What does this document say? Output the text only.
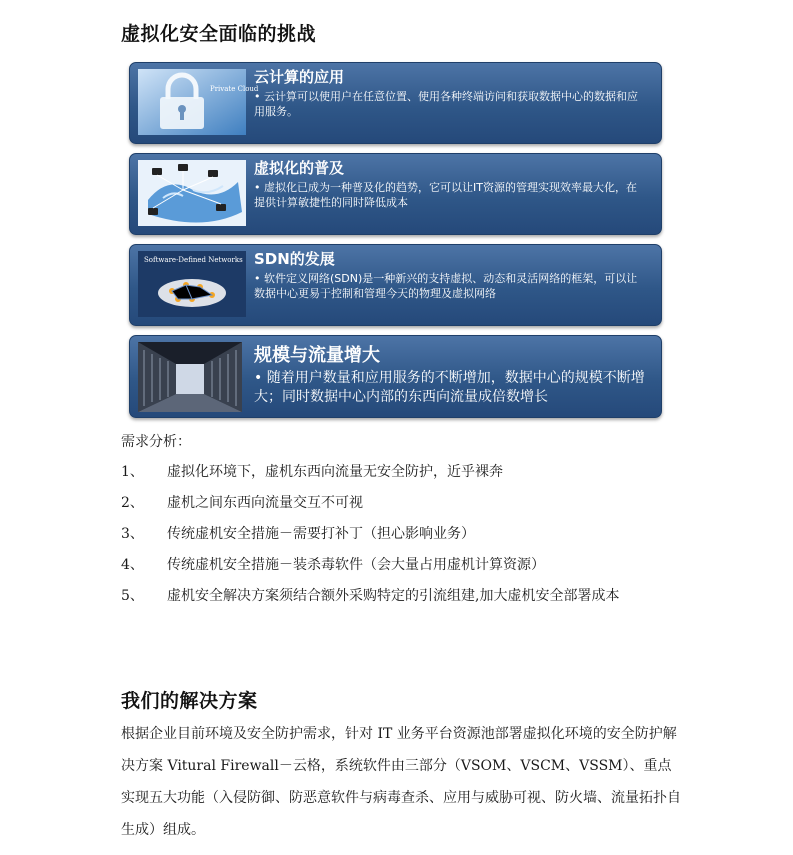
虚拟化安全面临的挑战
Private Cloud
云计算的应用
• 云计算可以使用户在任意位置、使用各种终端访问和获取数据中心的数据和应用服务。
虚拟化的普及
• 虚拟化已成为一种普及化的趋势，它可以让IT资源的管理实现效率最大化，在提供计算敏捷性的同时降低成本
Software-Defined Networks SDN的发展
• 软件定义网络(SDN)是一种新兴的支持虚拟、动态和灵活网络的框架，可以让数据中心更易于控制和管理今天的物理及虚拟网络
规模与流量增大
• 随着用户数量和应用服务的不断增加，数据中心的规模不断增大；同时数据中心内部的东西向流量成倍数增长
需求分析：
1、	虚拟化环境下，虚机东西向流量无安全防护，近乎裸奔
2、	虚机之间东西向流量交互不可视
3、	传统虚机安全措施－需要打补丁（担心影响业务）
4、	传统虚机安全措施－装杀毒软件（会大量占用虚机计算资源）
5、	虚机安全解决方案须结合额外采购特定的引流组建,加大虚机安全部署成本
我们的解决方案
根据企业目前环境及安全防护需求，针对 IT 业务平台资源池部署虚拟化环境的安全防护解决方案 Vitural Firewall－云格，系统软件由三部分（VSOM、VSCM、VSSM）、重点实现五大功能（入侵防御、防恶意软件与病毒查杀、应用与威胁可视、防火墙、流量拓扑自生成）组成。
